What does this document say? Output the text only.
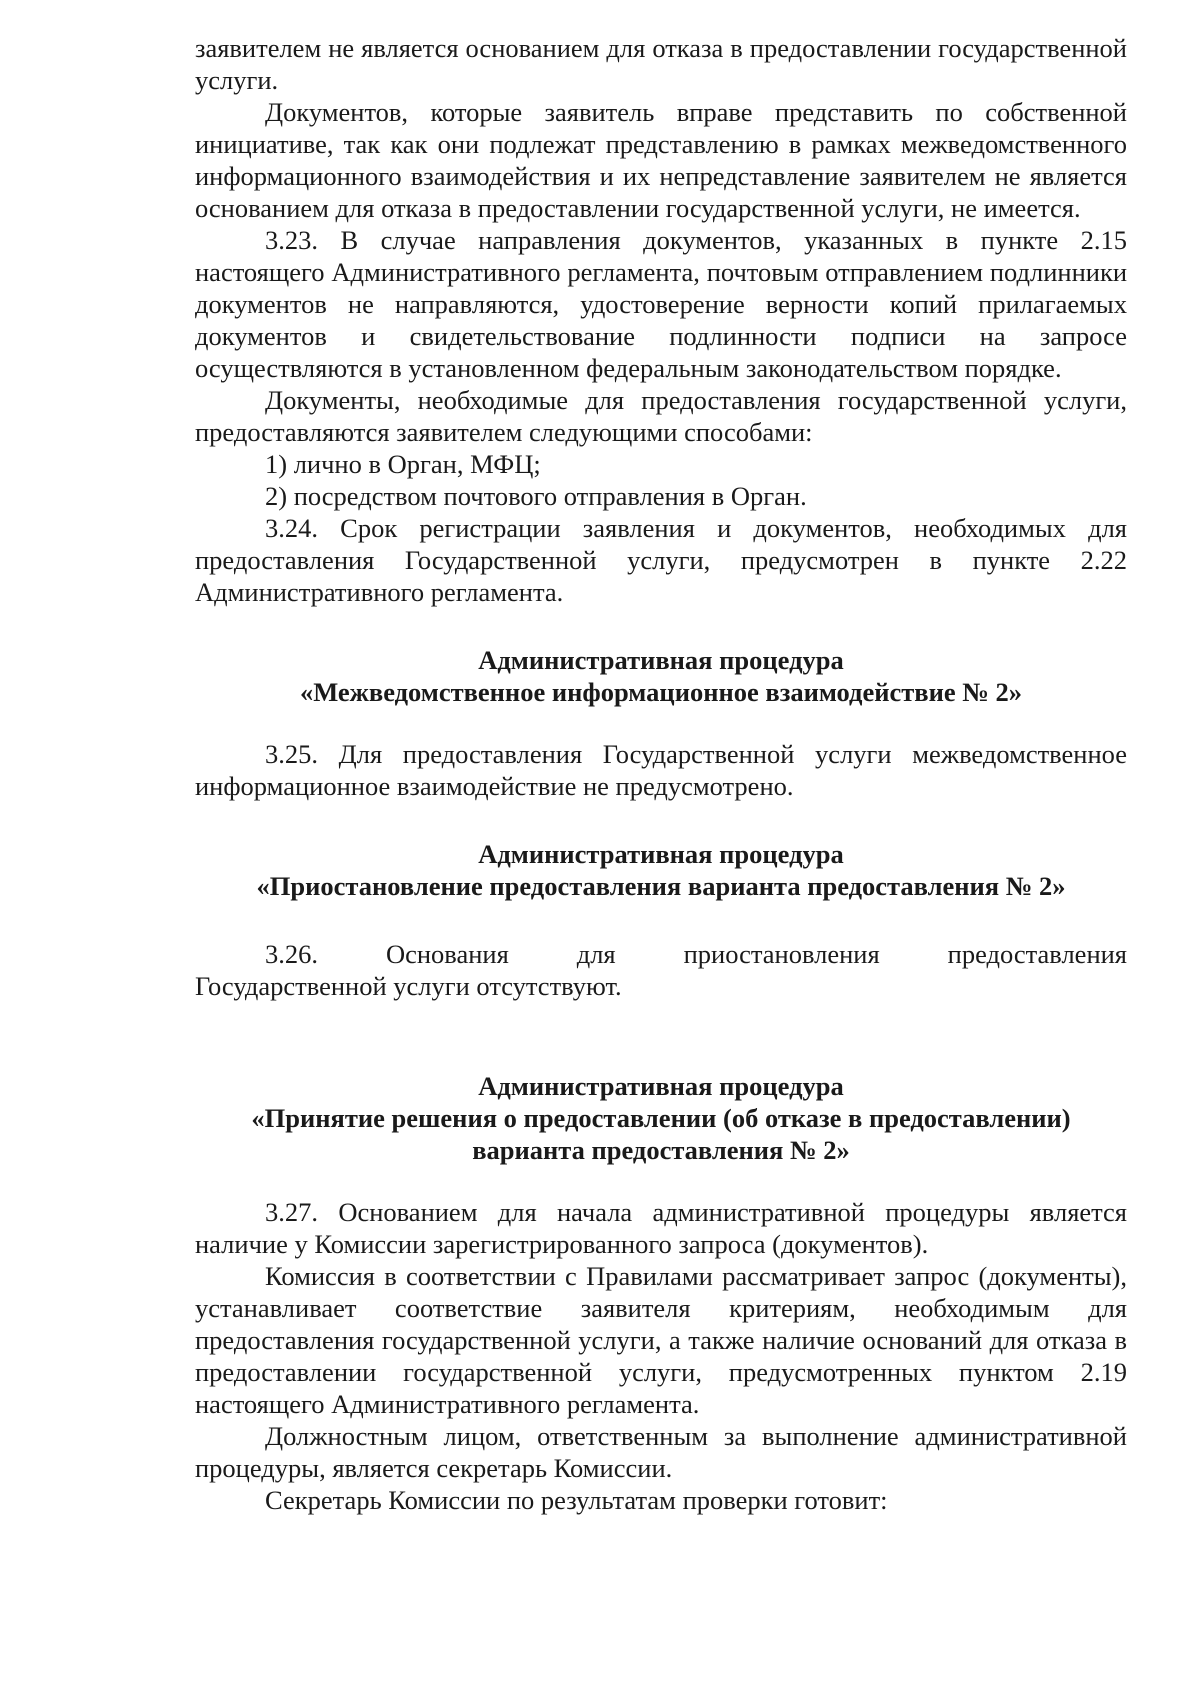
заявителем не является основанием для отказа в предоставлении государственной услуги.

Документов, которые заявитель вправе представить по собственной инициативе, так как они подлежат представлению в рамках межведомственного информационного взаимодействия и их непредставление заявителем не является основанием для отказа в предоставлении государственной услуги, не имеется.

3.23. В случае направления документов, указанных в пункте 2.15 настоящего Административного регламента, почтовым отправлением подлинники документов не направляются, удостоверение верности копий прилагаемых документов и свидетельствование подлинности подписи на запросе осуществляются в установленном федеральным законодательством порядке.

Документы, необходимые для предоставления государственной услуги, предоставляются заявителем следующими способами:

1) лично в Орган, МФЦ;

2) посредством почтового отправления в Орган.

3.24. Срок регистрации заявления и документов, необходимых для предоставления Государственной услуги, предусмотрен в пункте 2.22 Административного регламента.

Административная процедура

«Межведомственное информационное взаимодействие № 2»

3.25. Для предоставления Государственной услуги межведомственное информационное взаимодействие не предусмотрено.

Административная процедура

«Приостановление предоставления варианта предоставления № 2»

3.26. Основания для приостановления предоставления

Государственной услуги отсутствуют.

Административная процедура

«Принятие решения о предоставлении (об отказе в предоставлении)

варианта предоставления № 2»

3.27. Основанием для начала административной процедуры является наличие у Комиссии зарегистрированного запроса (документов).

Комиссия в соответствии с Правилами рассматривает запрос (документы), устанавливает соответствие заявителя критериям, необходимым для предоставления государственной услуги, а также наличие оснований для отказа в предоставлении государственной услуги, предусмотренных пунктом 2.19 настоящего Административного регламента.

Должностным лицом, ответственным за выполнение административной процедуры, является секретарь Комиссии.

Секретарь Комиссии по результатам проверки готовит:
